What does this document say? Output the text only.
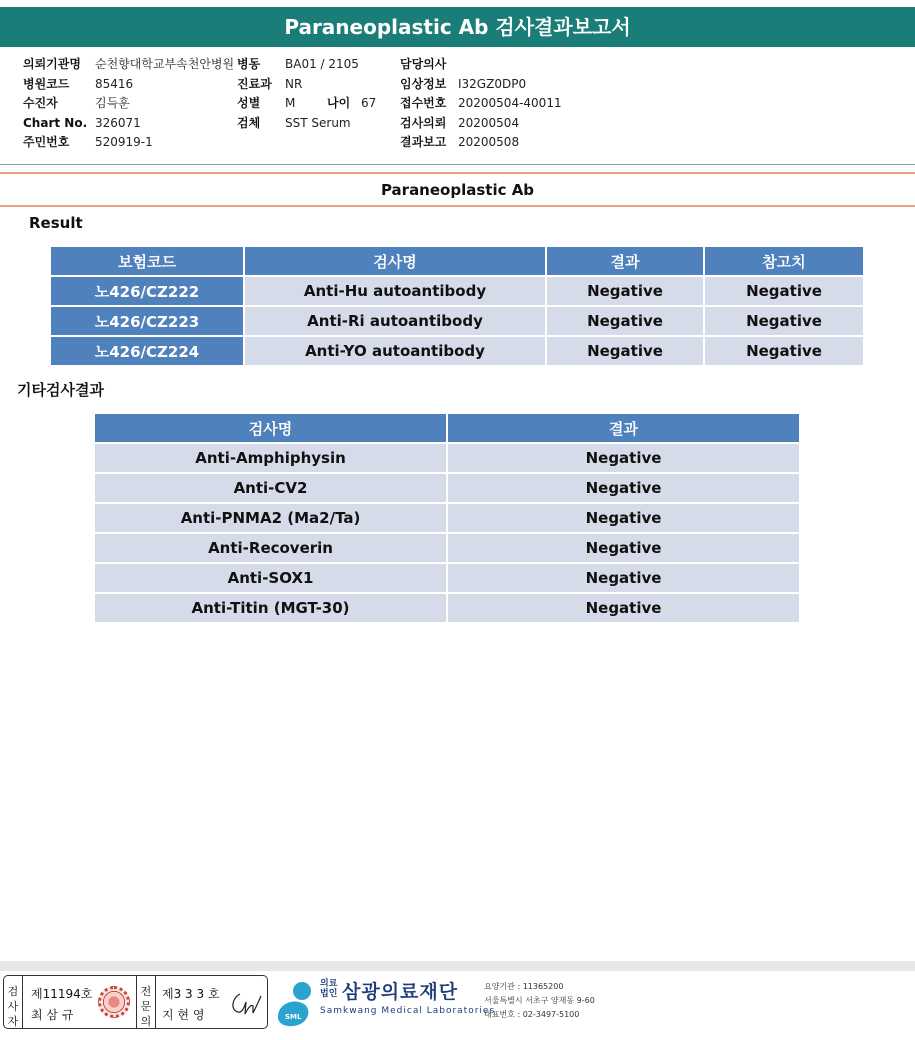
Paraneoplastic Ab 검사결과보고서
의뢰기관명	순천향대학교부속천안병원
병원코드	85416
수진자	김득훈
Chart No. 326071
주민번호	520919-1
병동	BA01 / 2105
진료과	NR
성별	M	나이 67
검체	SST Serum
담당의사
임상정보 I32GZ0DP0
접수번호 20200504-40011
검사의뢰 20200504
결과보고 20200508
Paraneoplastic Ab
Result
보험코드	검사명	결과	참고치
노426/CZ222	Anti-Hu autoantibody	Negative	Negative
노426/CZ223	Anti-Ri autoantibody	Negative	Negative
노426/CZ224	Anti-YO autoantibody	Negative	Negative
기타검사결과
검사명	결과
Anti-Amphiphysin	Negative
Anti-CV2	Negative
Anti-PNMA2 (Ma2/Ta)	Negative
Anti-Recoverin	Negative
Anti-SOX1	Negative
Anti-Titin (MGT-30)	Negative
검
사
자
제11194호
최 삼 규
전
문
의
제3 3 3 호
지 현 영	SML
의료법인 삼광의료재단
Samkwang Medical Laboratories
요양기관 : 11365200
서울특별시 서초구 양재동 9-60
대표번호 : 02-3497-5100
